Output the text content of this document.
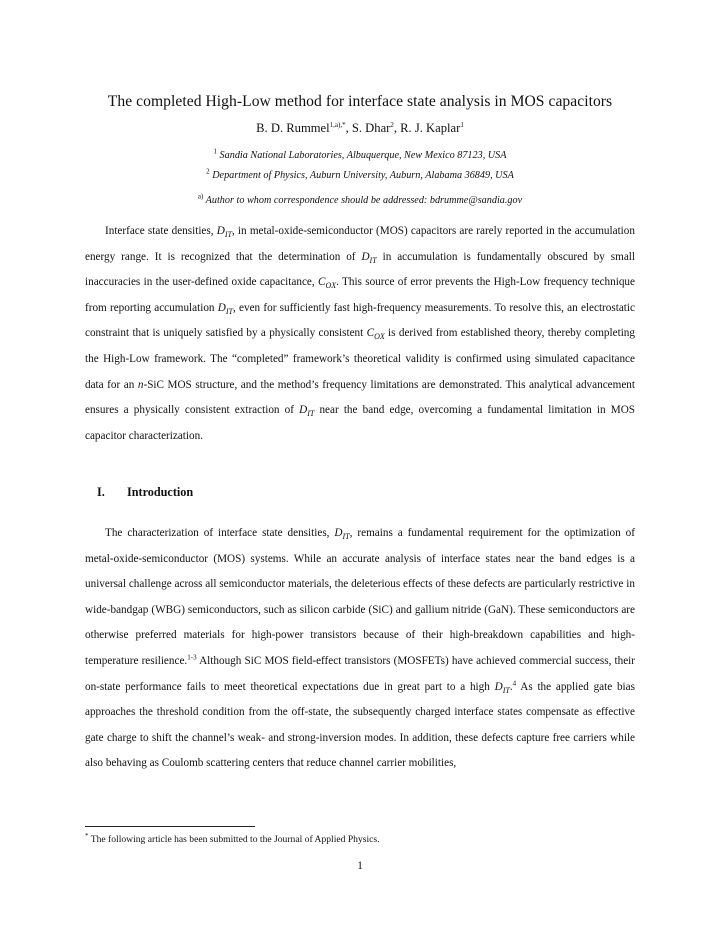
The completed High-Low method for interface state analysis in MOS capacitors
B. D. Rummel$^{1,a),*}$, S. Dhar$^2$, R. J. Kaplar$^1$
$^1$ Sandia National Laboratories, Albuquerque, New Mexico 87123, USA
$^2$ Department of Physics, Auburn University, Auburn, Alabama 36849, USA
$^{a)}$ Author to whom correspondence should be addressed: bdrumme@sandia.gov

Interface state densities, $D_{IT}$, in metal-oxide-semiconductor (MOS) capacitors are rarely reported in the accumulation energy range. It is recognized that the determination of $D_{IT}$ in accumulation is fundamentally obscured by small inaccuracies in the user-defined oxide capacitance, $C_{OX}$. This source of error prevents the High-Low frequency technique from reporting accumulation $D_{IT}$, even for sufficiently fast high-frequency measurements. To resolve this, an electrostatic constraint that is uniquely satisfied by a physically consistent $C_{OX}$ is derived from established theory, thereby completing the High-Low framework. The “completed” framework’s theoretical validity is confirmed using simulated capacitance data for an n-SiC MOS structure, and the method’s frequency limitations are demonstrated. This analytical advancement ensures a physically consistent extraction of $D_{IT}$ near the band edge, overcoming a fundamental limitation in MOS capacitor characterization.

I. Introduction

The characterization of interface state densities, $D_{IT}$, remains a fundamental requirement for the optimization of metal-oxide-semiconductor (MOS) systems. While an accurate analysis of interface states near the band edges is a universal challenge across all semiconductor materials, the deleterious effects of these defects are particularly restrictive in wide-bandgap (WBG) semiconductors, such as silicon carbide (SiC) and gallium nitride (GaN). These semiconductors are otherwise preferred materials for high-power transistors because of their high-breakdown capabilities and high-temperature resilience.$^{1-3}$ Although SiC MOS field-effect transistors (MOSFETs) have achieved commercial success, their on-state performance fails to meet theoretical expectations due in great part to a high $D_{IT}.^4$ As the applied gate bias approaches the threshold condition from the off-state, the subsequently charged interface states compensate as effective gate charge to shift the channel’s weak- and strong-inversion modes. In addition, these defects capture free carriers while also behaving as Coulomb scattering centers that reduce channel carrier mobilities,

* The following article has been submitted to the Journal of Applied Physics.
1
